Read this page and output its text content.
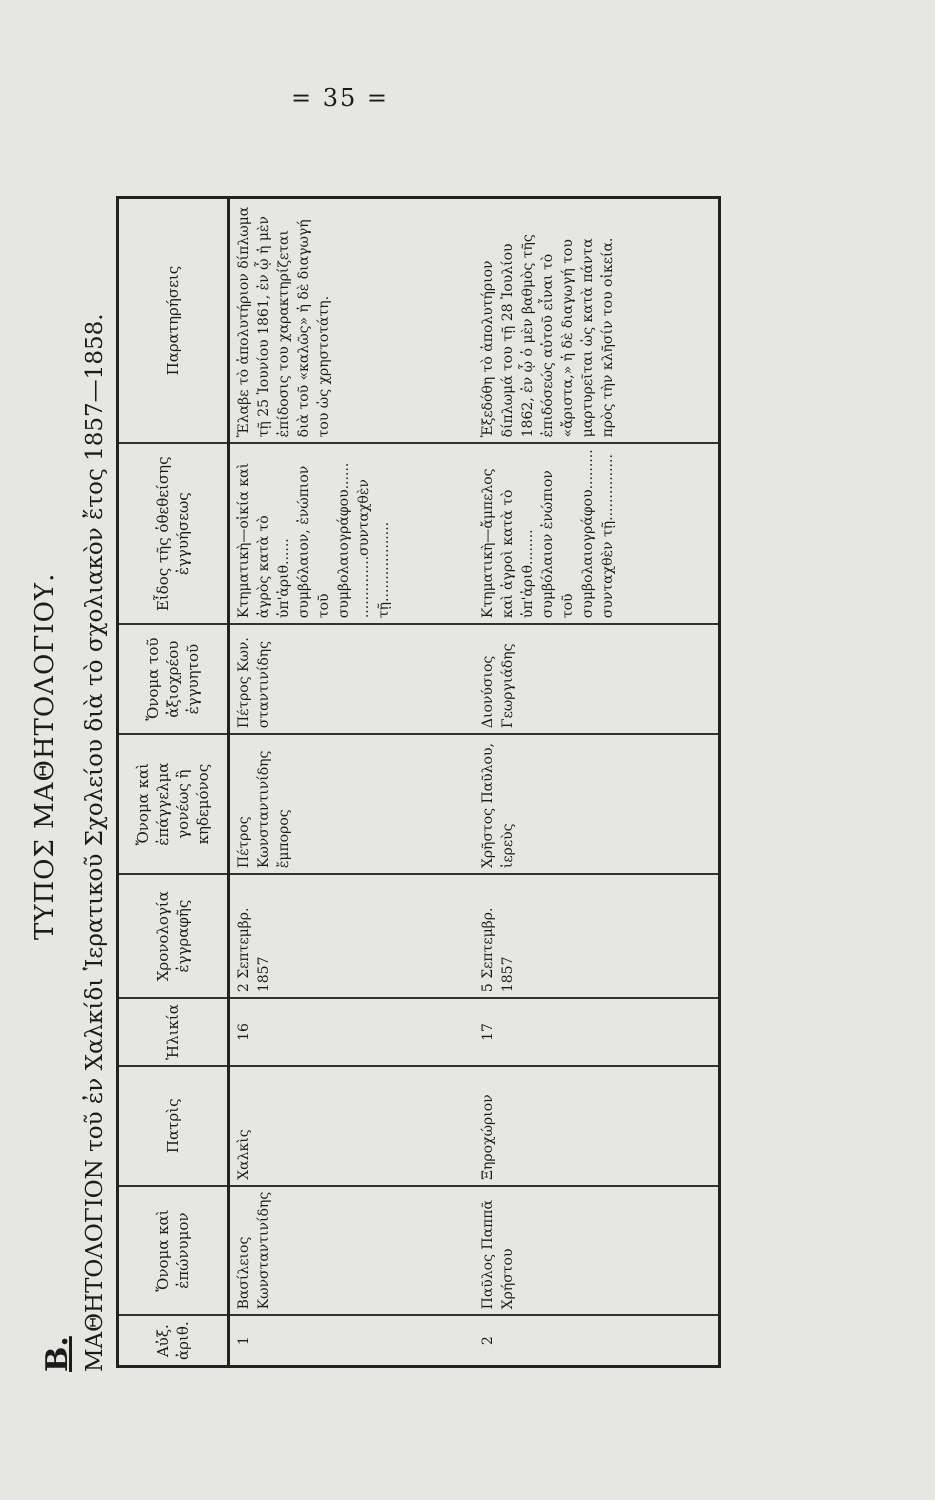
= 35 =
Β.
ΤΥΠΟΣ ΜΑΘΗΤΟΛΟΓΙΟΥ. ΜΑΘΗΤΟΛΟΓΙΟΝ τοῦ ἐν Χαλκίδι Ἱερατικοῦ Σχολείου διὰ τὸ σχολιακὸν ἔτος 1857—1858.	Αὐξ. ἀριθ.	Ὄνομα καὶ ἐπώνυμον	Πατρὶς	Ἡλικία	Χρονολογία ἐγγραφῆς	Ὄνομα καὶ ἐπάγγελμα γονέως ἢ κηδεμόνος	Ὄνομα τοῦ ἀξιοχρέου ἐγγυητοῦ	Εἶδος τῆς ὁθεθείσης ἐγγυήσεως	Παρατηρήσεις
1	Βασίλειος Κωνσταντινίδης	Χαλκὶς	16	2 Σεπτεμβρ. 1857	Πέτρος Κωνσταντινίδης ἔμπορος	Πέτρος Κων. σταντινίδης	Κτηματικὴ—οἰκία καὶ ἀγρὸς κατὰ τὸ ὑπ'ἀριθ...... συμβόλαιον, ἐνώπιον τοῦ συμβολαιογράφου...... ..............συνταχθὲν τῇ..................	Ἔλαβε τὸ ἀπολυτήριον δίπλωμα τῇ 25 Ἰουνίου 1861, ἐν ᾧ ἡ μὲν ἐπίδοσις του χαρακτηρίζεται διὰ τοῦ «καλῶς» ἡ δὲ διαγωγή του ὡς χρηστοτάτη.
2	Παῦλος Παππᾶ Χρήστου	Ξηροχώριον	17	5 Σεπτεμβρ. 1857	Χρῆστος Παῦλου, ἱερεὺς	Διονύσιος Γεωργιάδης	Κτηματικὴ—ἄμπελος καὶ ἀγροὶ κατὰ τὸ ὑπ'ἀριθ........ συμβόλαιον ἐνώπιον τοῦ συμβολαιογράφου......... συνταχθὲν τῇ...............	Ἐξεδόθη τὸ ἀπολυτήριον δίπλωμά του τῇ 28 Ἰουλίου 1862, ἐν ᾧ ὁ μὲν βαθμὸς τῆς ἐπιδόσεώς αὐτοῦ εἶναι τὸ «ἄριστα,» ἡ δὲ διαγωγή του μαρτυρεῖται ὡς κατὰ πάντα πρὸς τὴν κλῆσίν του οἰκεία.
